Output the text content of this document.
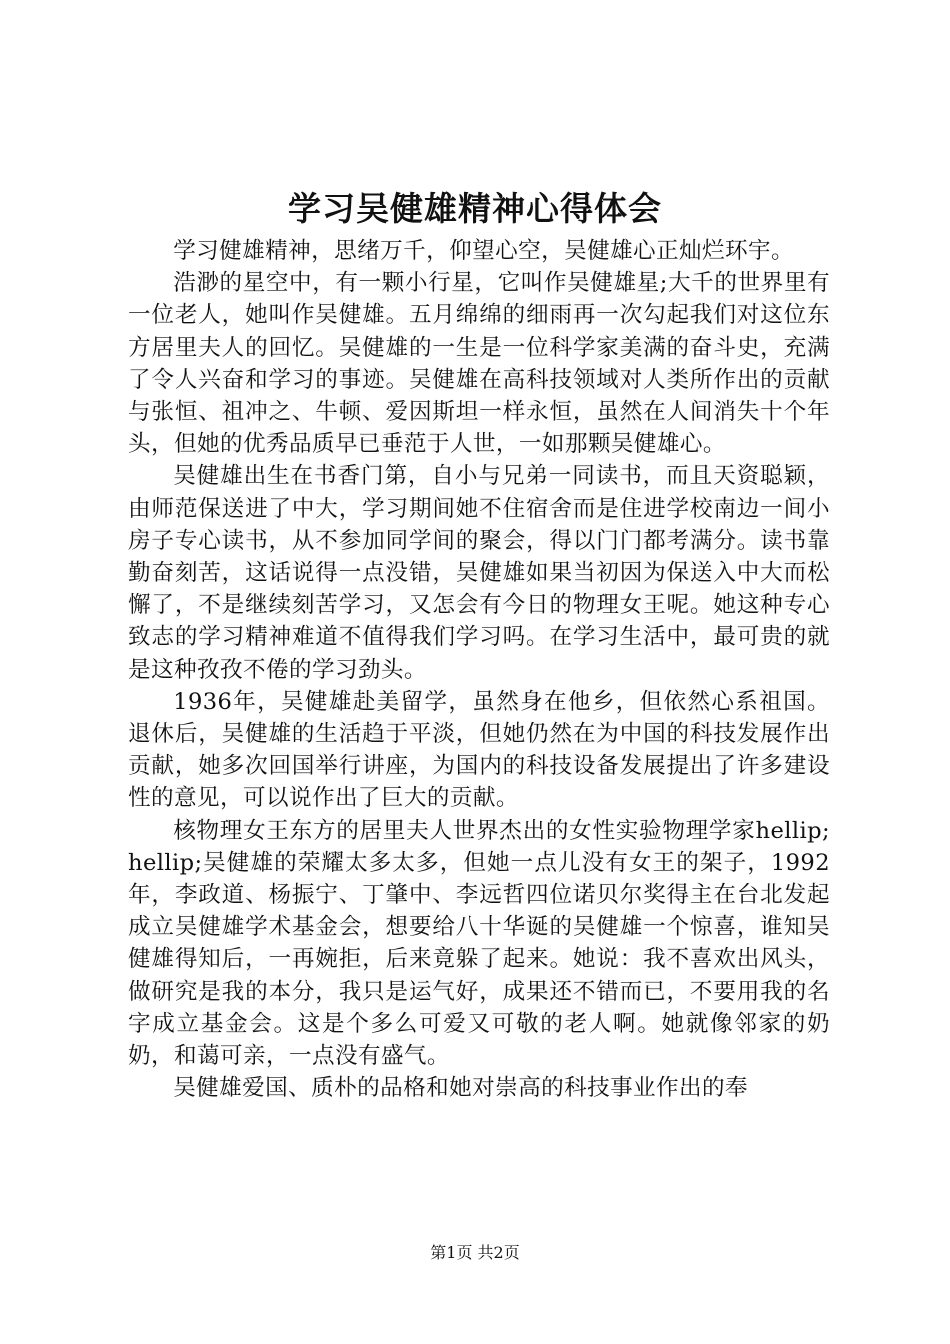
学习吴健雄精神心得体会

学习健雄精神，思绪万千，仰望心空，吴健雄心正灿烂环宇。

浩渺的星空中，有一颗小行星，它叫作吴健雄星;大千的世界里有一位老人，她叫作吴健雄。五月绵绵的细雨再一次勾起我们对这位东方居里夫人的回忆。吴健雄的一生是一位科学家美满的奋斗史，充满了令人兴奋和学习的事迹。吴健雄在高科技领域对人类所作出的贡献与张恒、祖冲之、牛顿、爱因斯坦一样永恒，虽然在人间消失十个年头，但她的优秀品质早已垂范于人世，一如那颗吴健雄心。

吴健雄出生在书香门第，自小与兄弟一同读书，而且天资聪颖，由师范保送进了中大，学习期间她不住宿舍而是住进学校南边一间小房子专心读书，从不参加同学间的聚会，得以门门都考满分。读书靠勤奋刻苦，这话说得一点没错，吴健雄如果当初因为保送入中大而松懈了，不是继续刻苦学习，又怎会有今日的物理女王呢。她这种专心致志的学习精神难道不值得我们学习吗。在学习生活中，最可贵的就是这种孜孜不倦的学习劲头。

1936年，吴健雄赴美留学，虽然身在他乡，但依然心系祖国。退休后，吴健雄的生活趋于平淡，但她仍然在为中国的科技发展作出贡献，她多次回国举行讲座，为国内的科技设备发展提出了许多建设性的意见，可以说作出了巨大的贡献。

核物理女王东方的居里夫人世界杰出的女性实验物理学家hellip;hellip;吴健雄的荣耀太多太多，但她一点儿没有女王的架子，1992年，李政道、杨振宁、丁肇中、李远哲四位诺贝尔奖得主在台北发起成立吴健雄学术基金会，想要给八十华诞的吴健雄一个惊喜，谁知吴健雄得知后，一再婉拒，后来竟躲了起来。她说：我不喜欢出风头，做研究是我的本分，我只是运气好，成果还不错而已，不要用我的名字成立基金会。这是个多么可爱又可敬的老人啊。她就像邻家的奶奶，和蔼可亲，一点没有盛气。

吴健雄爱国、质朴的品格和她对崇高的科技事业作出的奉

第1页 共2页
